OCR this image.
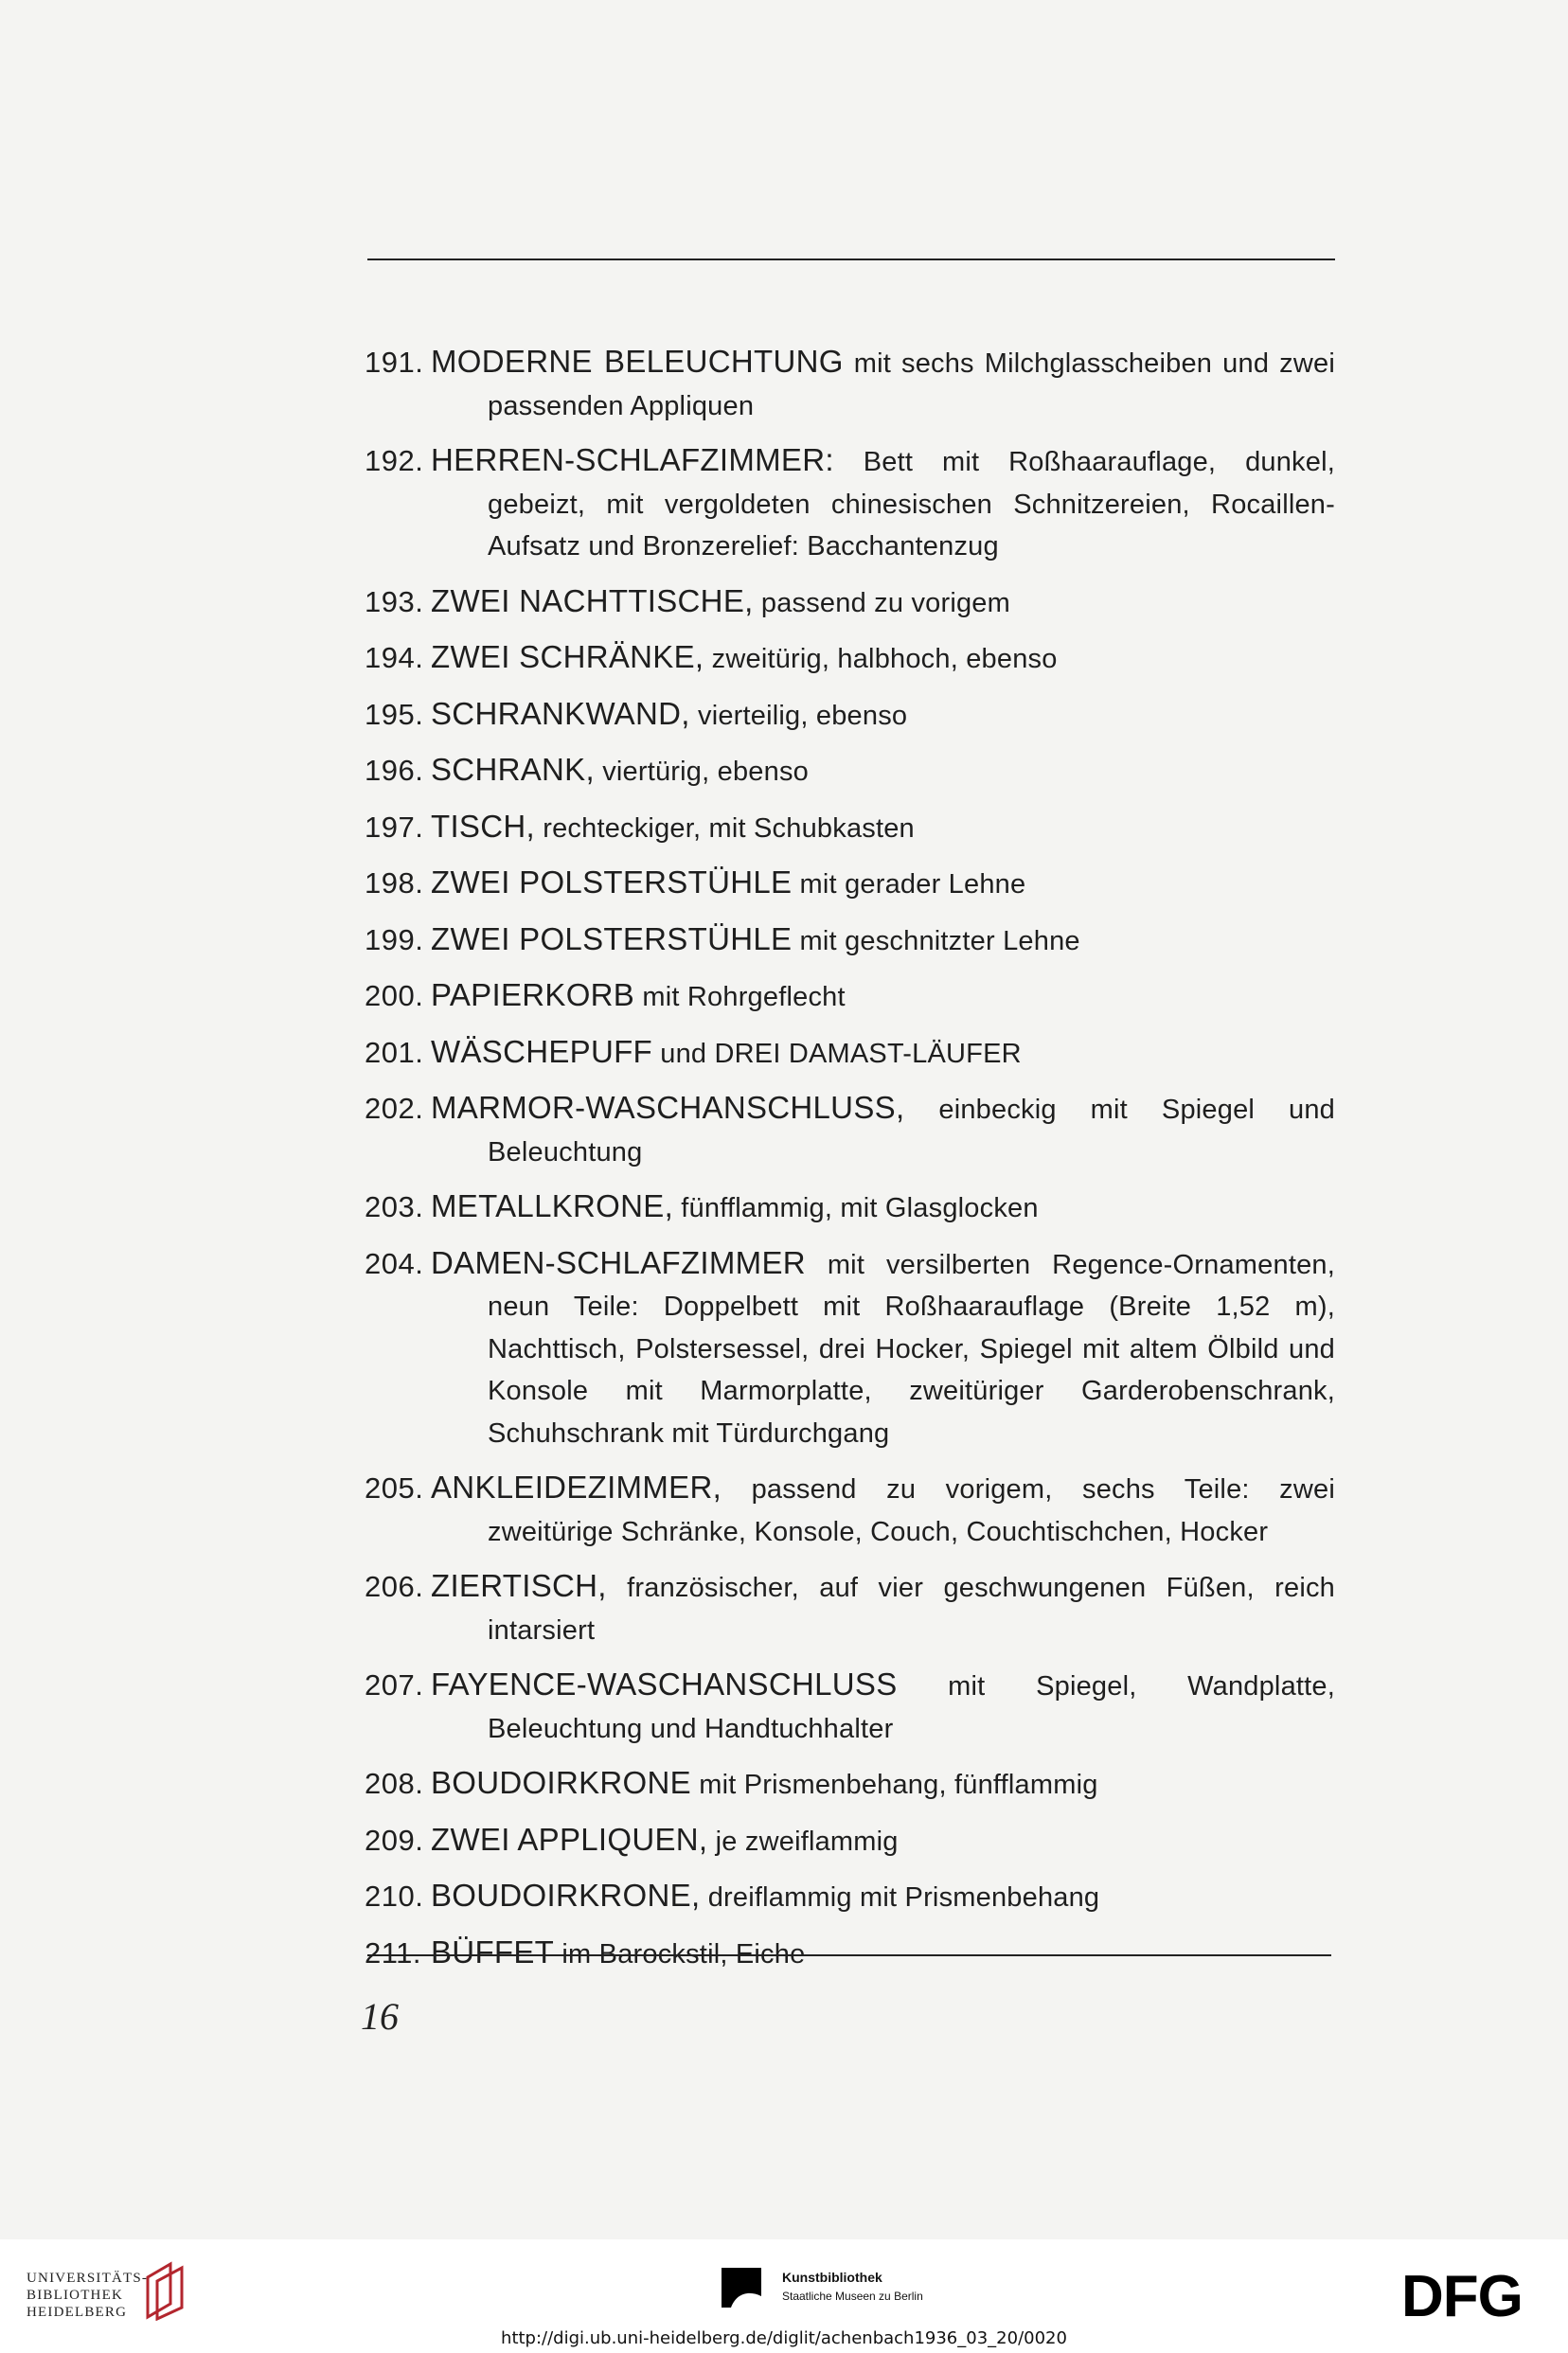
191. MODERNE BELEUCHTUNG mit sechs Milchglasscheiben und zwei passenden Appliquen
192. HERREN-SCHLAFZIMMER: Bett mit Roßhaarauflage, dunkel, gebeizt, mit vergoldeten chinesischen Schnitzereien, Rocaillen-Aufsatz und Bronzerelief: Bacchantenzug
193. ZWEI NACHTTISCHE, passend zu vorigem
194. ZWEI SCHRÄNKE, zweitürig, halbhoch, ebenso
195. SCHRANKWAND, vierteilig, ebenso
196. SCHRANK, viertürig, ebenso
197. TISCH, rechteckiger, mit Schubkasten
198. ZWEI POLSTERSTÜHLE mit gerader Lehne
199. ZWEI POLSTERSTÜHLE mit geschnitzter Lehne
200. PAPIERKORB mit Rohrgeflecht
201. WÄSCHEPUFF und DREI DAMAST-LÄUFER
202. MARMOR-WASCHANSCHLUSS, einbeckig mit Spiegel und Beleuchtung
203. METALLKRONE, fünfflammig, mit Glasglocken
204. DAMEN-SCHLAFZIMMER mit versilberten Regence-Ornamenten, neun Teile: Doppelbett mit Roßhaarauflage (Breite 1,52 m), Nachttisch, Polstersessel, drei Hocker, Spiegel mit altem Ölbild und Konsole mit Marmorplatte, zweitüriger Garderobenschrank, Schuhschrank mit Türdurchgang
205. ANKLEIDEZIMMER, passend zu vorigem, sechs Teile: zwei zweitürige Schränke, Konsole, Couch, Couchtischchen, Hocker
206. ZIERTISCH, französischer, auf vier geschwungenen Füßen, reich intarsiert
207. FAYENCE-WASCHANSCHLUSS mit Spiegel, Wandplatte, Beleuchtung und Handtuchhalter
208. BOUDOIRKRONE mit Prismenbehang, fünfflammig
209. ZWEI APPLIQUEN, je zweiflammig
210. BOUDOIRKRONE, dreiflammig mit Prismenbehang
211. BÜFFET im Barockstil, Eiche
16
UNIVERSITÄTS-
BIBLIOTHEK
HEIDELBERG
Kunstbibliothek
Staatliche Museen zu Berlin	DFG
http://digi.ub.uni-heidelberg.de/diglit/achenbach1936_03_20/0020
